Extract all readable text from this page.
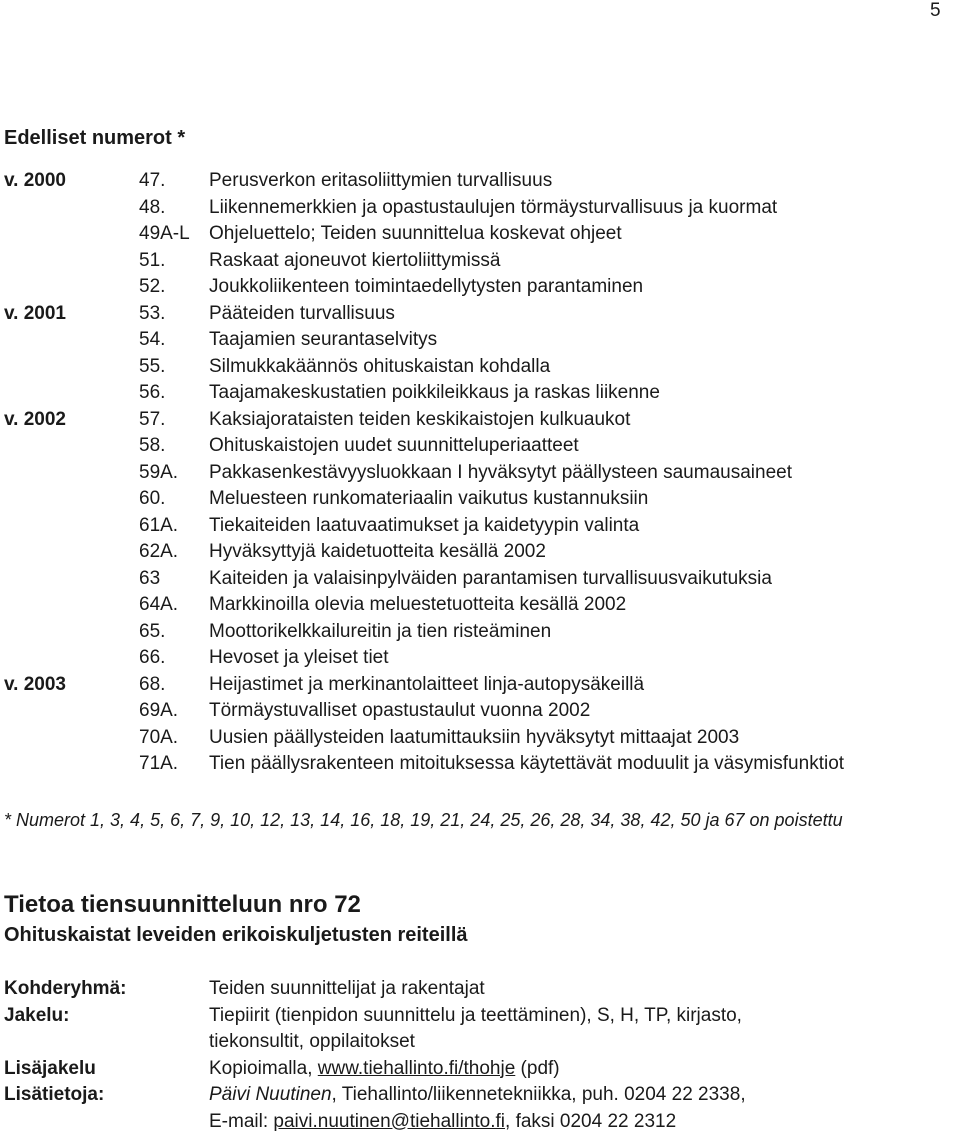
5
Edelliset numerot *
v. 2000	47. Perusverkon eritasoliittymien turvallisuus
48. Liikennemerkkien ja opastustaulujen törmäysturvallisuus ja kuormat
49A-L Ohjeluettelo; Teiden suunnittelua koskevat ohjeet
51. Raskaat ajoneuvot kiertoliittymissä
52. Joukkoliikenteen toimintaedellytysten parantaminen
v. 2001	53. Pääteiden turvallisuus
54. Taajamien seurantaselvitys
55. Silmukkakäännös ohituskaistan kohdalla
56. Taajamakeskustatien poikkileikkaus ja raskas liikenne
v. 2002	57. Kaksiajorataisten teiden keskikaistojen kulkuaukot
58. Ohituskaistojen uudet suunnitteluperiaatteet
59A. Pakkasenkestävyysluokkaan I hyväksytyt päällysteen saumausaineet
60. Meluesteen runkomateriaalin vaikutus kustannuksiin
61A. Tiekaiteiden laatuvaatimukset ja kaidetyypin valinta
62A. Hyväksyttyjä kaidetuotteita kesällä 2002
63	Kaiteiden ja valaisinpylväiden parantamisen turvallisuusvaikutuksia
64A. Markkinoilla olevia meluestetuotteita kesällä 2002
65. Moottorikelkkailureitin ja tien risteäminen
66. Hevoset ja yleiset tiet
v. 2003	68. Heijastimet ja merkinantolaitteet linja-autopysäkeillä
69A. Törmäystuvalliset opastustaulut vuonna 2002
70A. Uusien päällysteiden laatumittauksiin hyväksytyt mittaajat 2003
71A. Tien päällysrakenteen mitoituksessa käytettävät moduulit ja väsymisfunktiot
* Numerot 1, 3, 4, 5, 6, 7, 9, 10, 12, 13, 14, 16, 18, 19, 21, 24, 25, 26, 28, 34, 38, 42, 50 ja 67 on poistettu
Tietoa tiensuunnitteluun nro 72
Ohituskaistat leveiden erikoiskuljetusten reiteillä
Kohderyhmä:	Teiden suunnittelijat ja rakentajat
Jakelu:	Tiepiirit (tienpidon suunnittelu ja teettäminen), S, H, TP, kirjasto,
tiekonsultit, oppilaitokset
Lisäjakelu	Kopioimalla, www.tiehallinto.fi/thohje (pdf)
Lisätietoja:	Päivi Nuutinen, Tiehallinto/liikennetekniikka, puh. 0204 22 2338,
E-mail: paivi.nuutinen@tiehallinto.fi, faksi 0204 22 2312
